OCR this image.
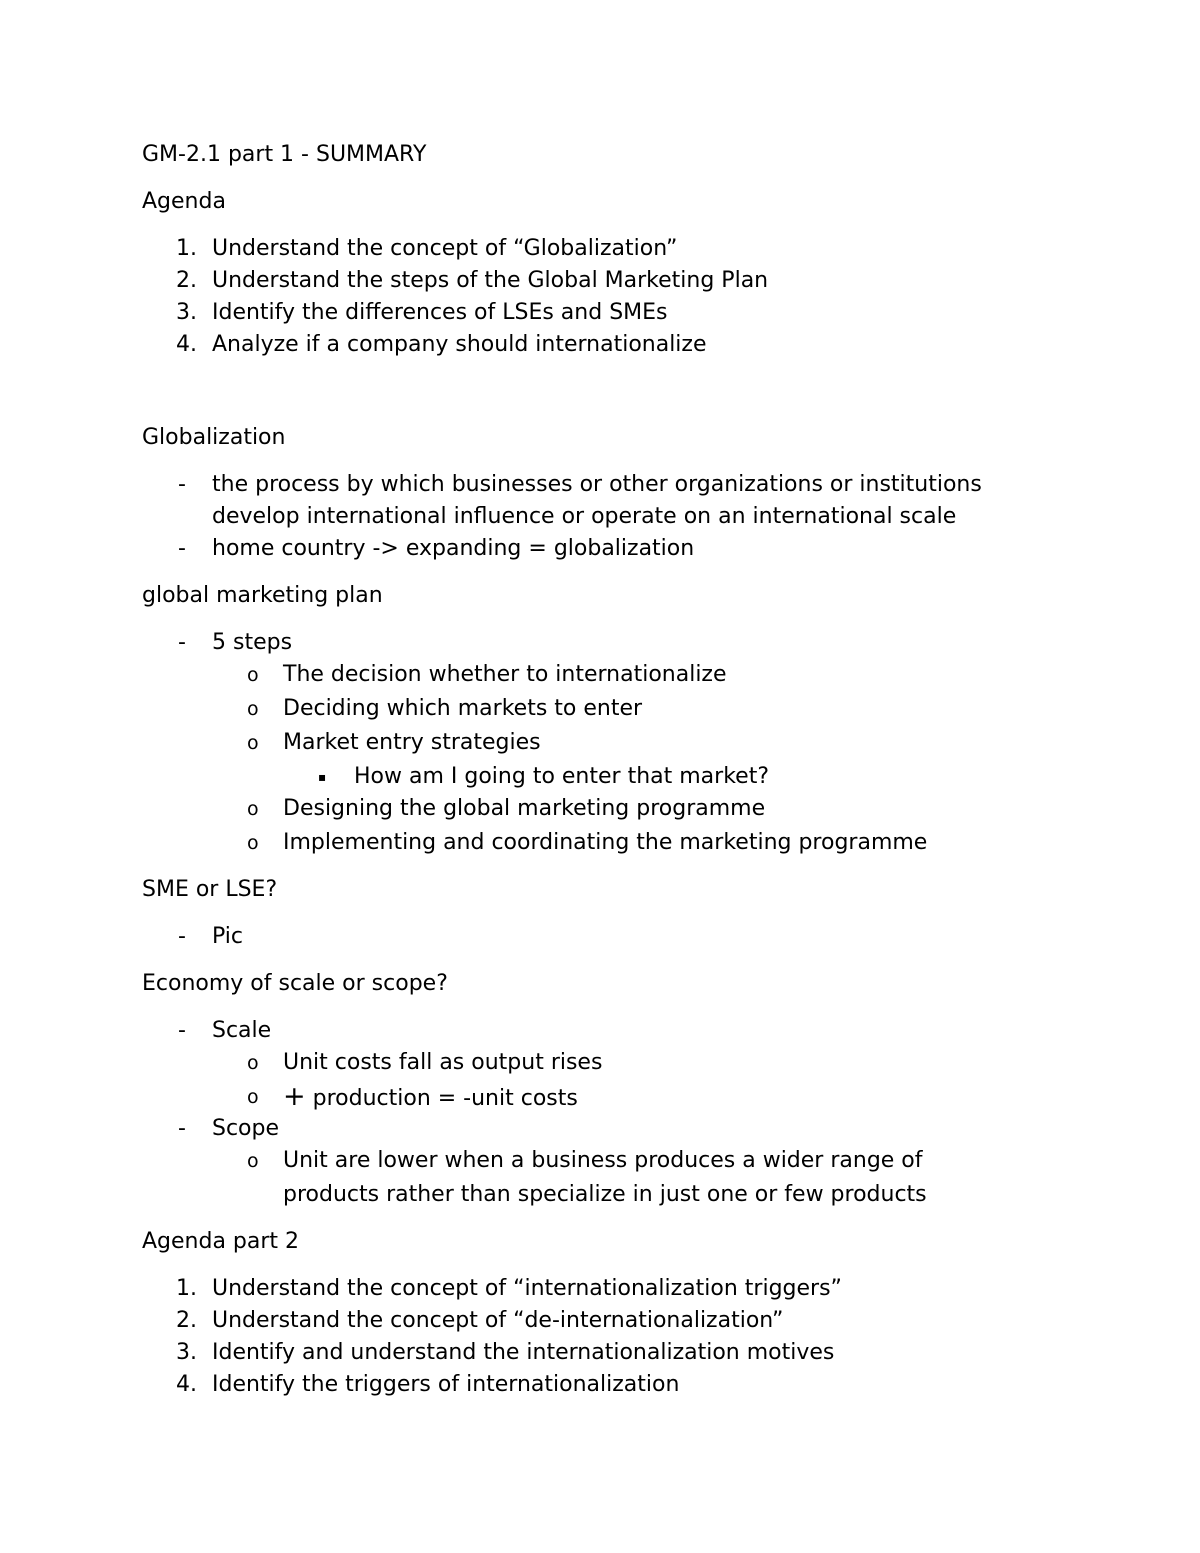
GM-2.1 part 1 - SUMMARY
Agenda
1. Understand the concept of “Globalization”
2. Understand the steps of the Global Marketing Plan
3. Identify the differences of LSEs and SMEs
4. Analyze if a company should internationalize
Globalization
- the process by which businesses or other organizations or institutions
develop international influence or operate on an international scale
- home country -> expanding = globalization
global marketing plan
- 5 steps
o The decision whether to internationalize
o Deciding which markets to enter
o Market entry strategies
▪ How am I going to enter that market?
o Designing the global marketing programme
o Implementing and coordinating the marketing programme
SME or LSE?
- Pic
Economy of scale or scope?
- Scale
o Unit costs fall as output rises
o + production = -unit costs
- Scope
o Unit are lower when a business produces a wider range of
products rather than specialize in just one or few products
Agenda part 2
1. Understand the concept of “internationalization triggers”
2. Understand the concept of “de-internationalization”
3. Identify and understand the internationalization motives
4. Identify the triggers of internationalization
